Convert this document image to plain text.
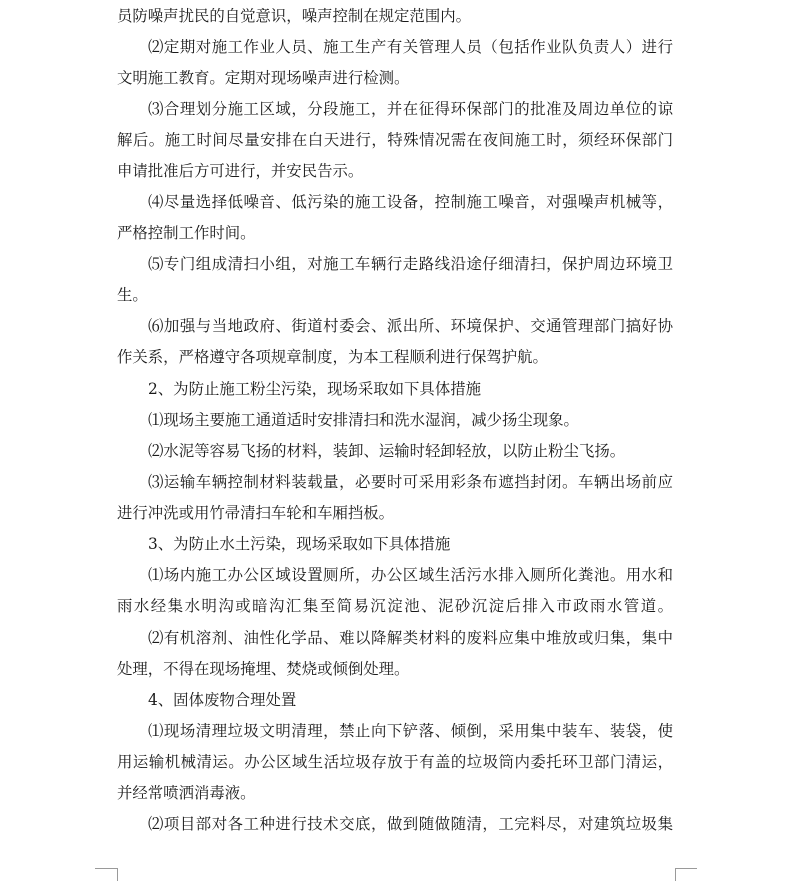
员防噪声扰民的自觉意识，噪声控制在规定范围内。
⑵定期对施工作业人员、施工生产有关管理人员（包括作业队负责人）进行
文明施工教育。定期对现场噪声进行检测。
⑶合理划分施工区域，分段施工，并在征得环保部门的批准及周边单位的谅
解后。施工时间尽量安排在白天进行，特殊情况需在夜间施工时，须经环保部门
申请批准后方可进行，并安民告示。
⑷尽量选择低噪音、低污染的施工设备，控制施工噪音，对强噪声机械等，
严格控制工作时间。
⑸专门组成清扫小组，对施工车辆行走路线沿途仔细清扫，保护周边环境卫
生。
⑹加强与当地政府、街道村委会、派出所、环境保护、交通管理部门搞好协
作关系，严格遵守各项规章制度，为本工程顺利进行保驾护航。
2、为防止施工粉尘污染，现场采取如下具体措施
⑴现场主要施工通道适时安排清扫和洗水湿润，减少扬尘现象。
⑵水泥等容易飞扬的材料，装卸、运输时轻卸轻放，以防止粉尘飞扬。
⑶运输车辆控制材料装载量，必要时可采用彩条布遮挡封闭。车辆出场前应
进行冲洗或用竹帚清扫车轮和车厢挡板。
3、为防止水土污染，现场采取如下具体措施
⑴场内施工办公区域设置厕所，办公区域生活污水排入厕所化粪池。用水和
雨水经集水明沟或暗沟汇集至简易沉淀池、泥砂沉淀后排入市政雨水管道。
⑵有机溶剂、油性化学品、难以降解类材料的废料应集中堆放或归集，集中
处理，不得在现场掩埋、焚烧或倾倒处理。
4、固体废物合理处置
⑴现场清理垃圾文明清理，禁止向下铲落、倾倒，采用集中装车、装袋，使
用运输机械清运。办公区域生活垃圾存放于有盖的垃圾筒内委托环卫部门清运，
并经常喷洒消毒液。
⑵项目部对各工种进行技术交底，做到随做随清，工完料尽，对建筑垃圾集
